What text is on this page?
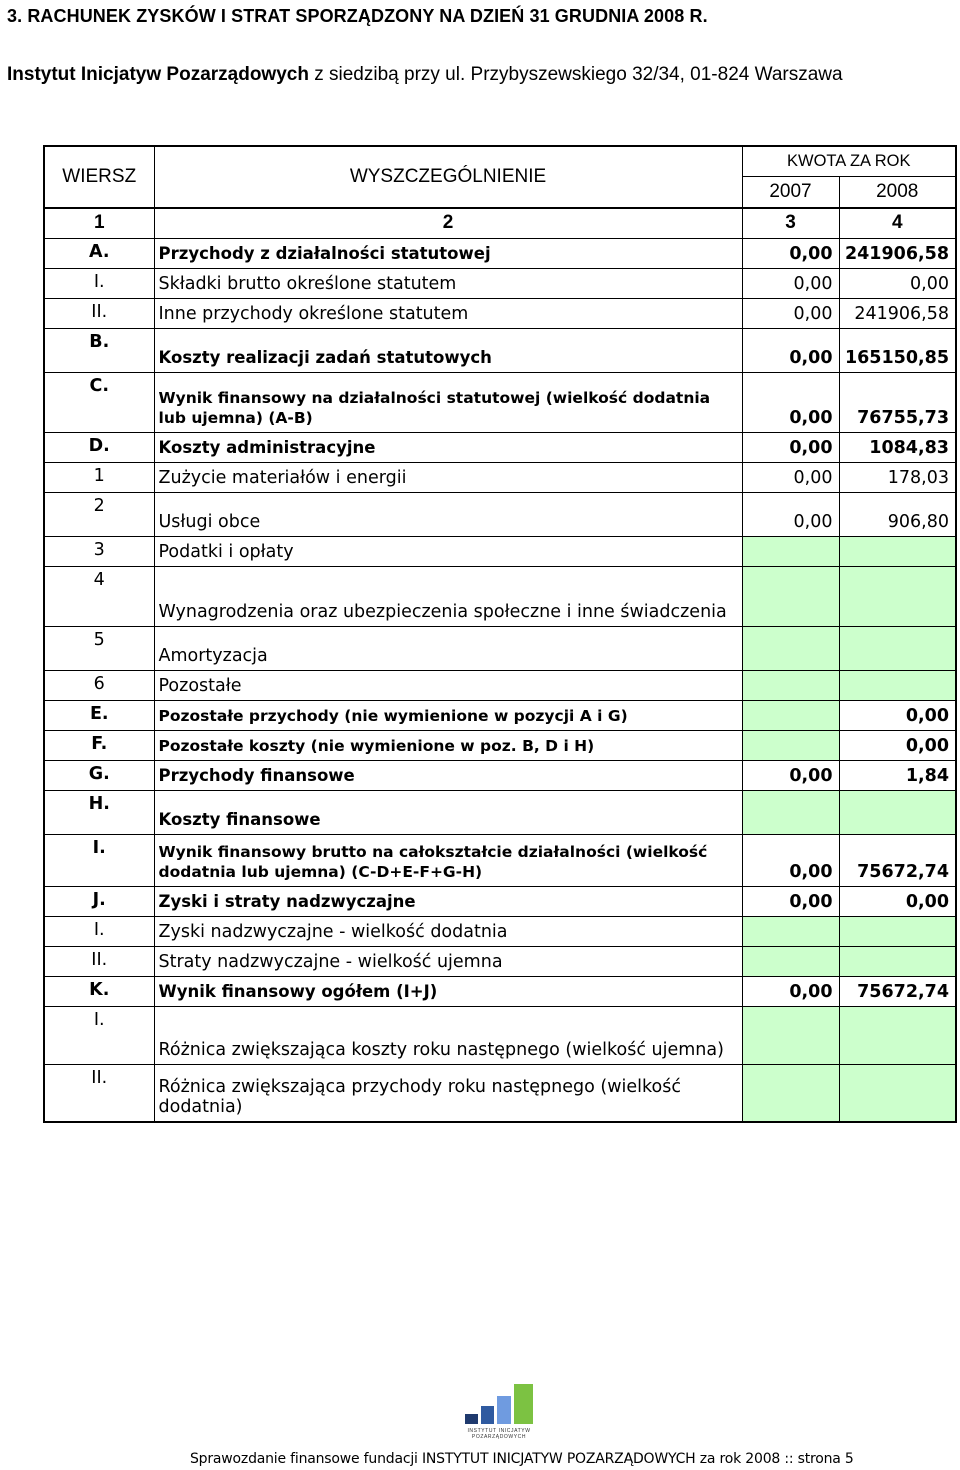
3. RACHUNEK ZYSKÓW I STRAT SPORZĄDZONY NA DZIEŃ 31 GRUDNIA 2008 R.
Instytut Inicjatyw Pozarządowych z siedzibą przy ul. Przybyszewskiego 32/34, 01-824 Warszawa
WIERSZ	WYSZCZEGÓLNIENIE	KWOTA ZA ROK	
		2007	2008
1	2	3	4
A.	Przychody z działalności statutowej	0,00	241906,58
I.	Składki brutto określone statutem	0,00	0,00
II.	Inne przychody określone statutem	0,00	241906,58
B.	Koszty realizacji zadań statutowych	0,00	165150,85
C.	Wynik finansowy na działalności statutowej (wielkość dodatnia lub ujemna) (A-B)	0,00	76755,73
D.	Koszty administracyjne	0,00	1084,83
1	Zużycie materiałów i energii	0,00	178,03
2	Usługi obce	0,00	906,80
3	Podatki i opłaty		
4	Wynagrodzenia oraz ubezpieczenia społeczne i inne świadczenia		
5	Amortyzacja		
6	Pozostałe		
E.	Pozostałe przychody (nie wymienione w pozycji A i G)		0,00
F.	Pozostałe koszty (nie wymienione w poz. B, D i H)		0,00
G.	Przychody finansowe	0,00	1,84
H.	Koszty finansowe		
I.	Wynik finansowy brutto na całokształcie działalności (wielkość dodatnia lub ujemna) (C-D+E-F+G-H)	0,00	75672,74
J.	Zyski i straty nadzwyczajne	0,00	0,00
I.	Zyski nadzwyczajne - wielkość dodatnia		
II.	Straty nadzwyczajne - wielkość ujemna		
K.	Wynik finansowy ogółem (I+J)	0,00	75672,74
I.	Różnica zwiększająca koszty roku następnego (wielkość ujemna)		
II.	Różnica zwiększająca przychody roku następnego (wielkość dodatnia)		
INSTYTUT INICJATYW
POZARZĄDOWYCH
Sprawozdanie finansowe fundacji INSTYTUT INICJATYW POZARZĄDOWYCH za rok 2008 :: strona 5
